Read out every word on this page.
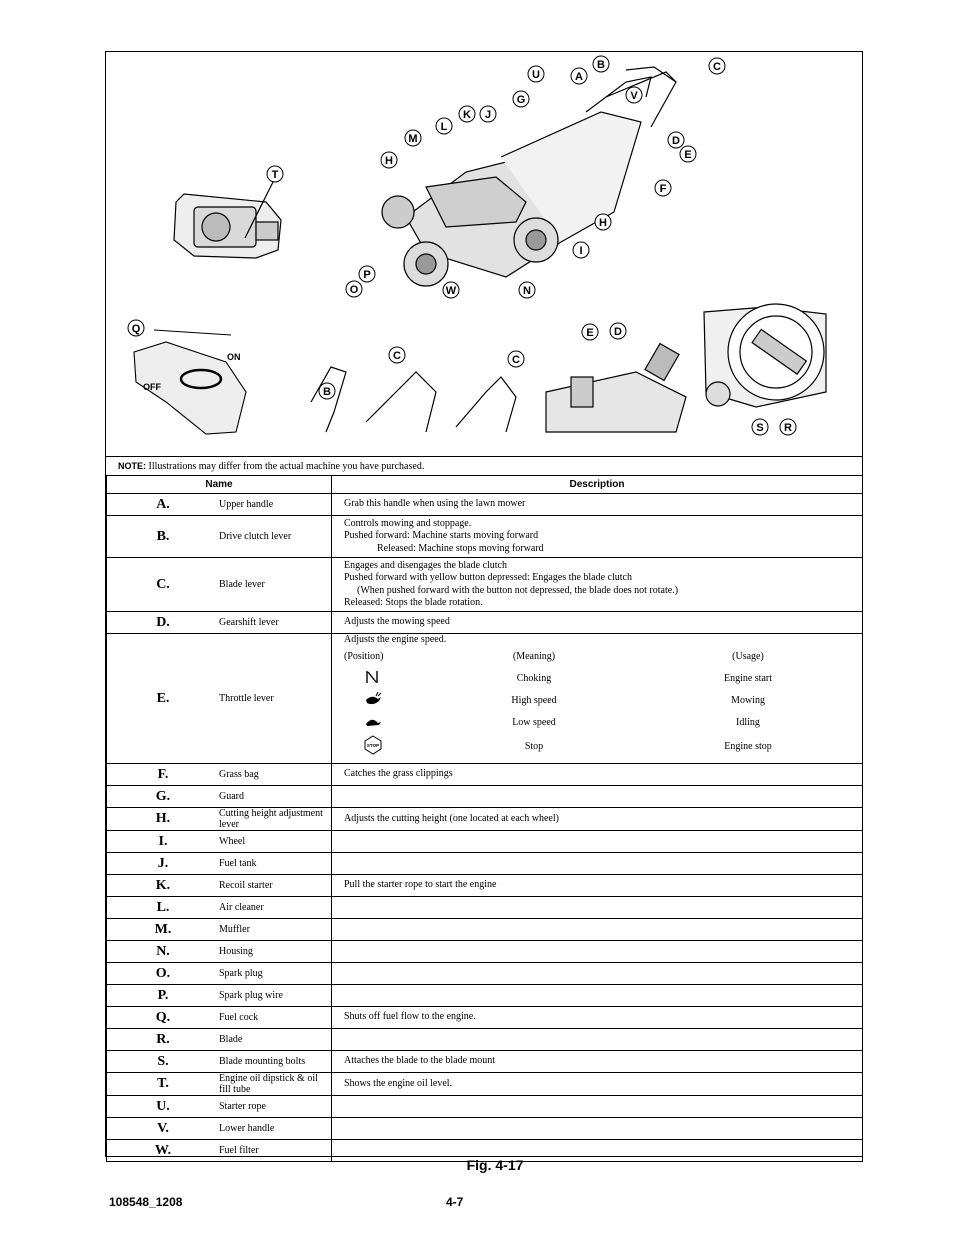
B	C
U	A
V
G
K J
L
M	D
E
H
T
F
H
I
P
O	W	N
Q
ON
OFF	B
C	C
E D
S R
NOTE: Illustrations may differ from the actual machine you have purchased.
Name	Description
A.	Upper handle	Grab this handle when using the lawn mower
B.	Drive clutch lever	
Controls mowing and stoppage.
Pushed forward: Machine starts moving forward
Released: Machine stops moving forward

C.	Blade lever	
Engages and disengages the blade clutch
Pushed forward with yellow button depressed: Engages the blade clutch
(When pushed forward with the button not depressed, the blade does not rotate.)
Released: Stops the blade rotation.

D.	Gearshift lever	Adjusts the mowing speed
E.	Throttle lever	Adjusts the engine speed.
(Position)	(Meaning)	(Usage)
	Choking	Engine start
	High speed	Mowing
	Low speed	Idling

STOP	Stop	Engine stop

F.	Grass bag	Catches the grass clippings
G.	Guard	
H.	Cutting height adjustment lever	Adjusts the cutting height (one located at each wheel)
I.	Wheel	
J.	Fuel tank	
K.	Recoil starter	Pull the starter rope to start the engine
L.	Air cleaner	
M.	Muffler	
N.	Housing	
O.	Spark plug	
P.	Spark plug wire	
Q.	Fuel cock	Shuts off fuel flow to the engine.
R.	Blade	
S.	Blade mounting bolts	Attaches the blade to the blade mount
T.	Engine oil dipstick & oil fill tube	Shows the engine oil level.
U.	Starter rope	
V.	Lower handle	
W.	Fuel filter	
Fig. 4-17
108548_1208	4-7
